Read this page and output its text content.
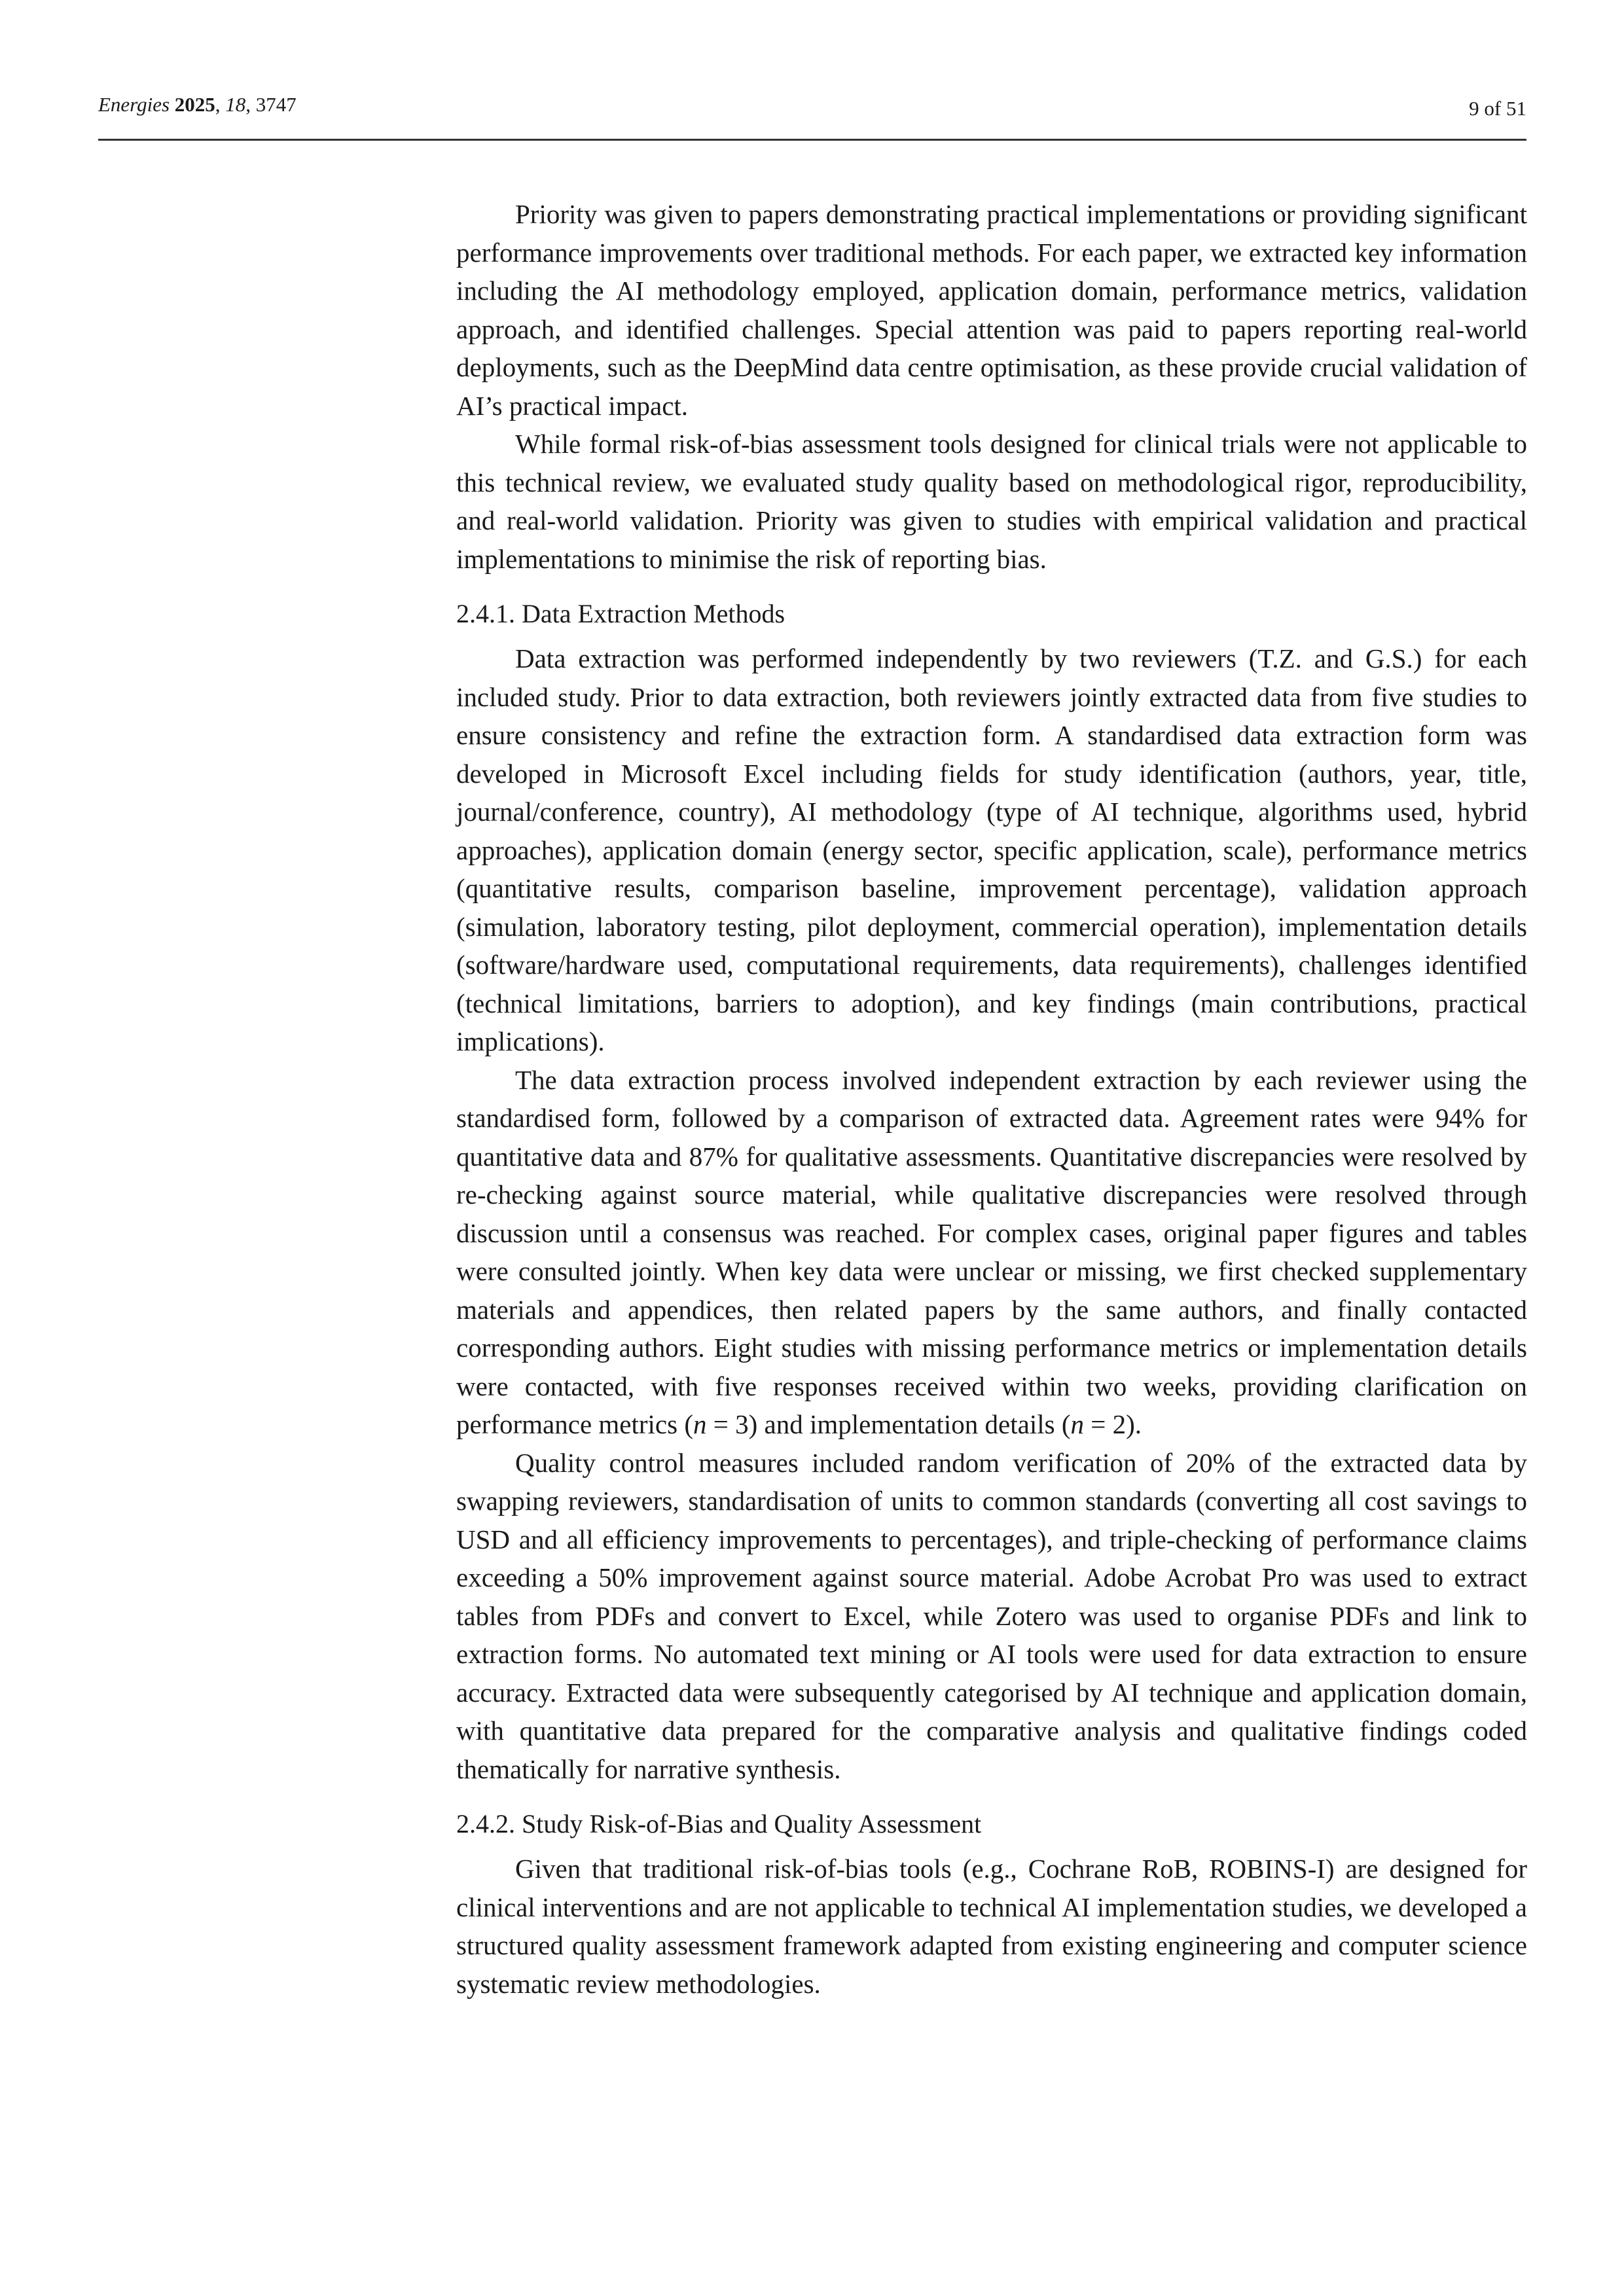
Energies 2025, 18, 3747	9 of 51

Priority was given to papers demonstrating practical implementations or providing significant performance improvements over traditional methods. For each paper, we extracted key information including the AI methodology employed, application domain, performance metrics, validation approach, and identified challenges. Special attention was paid to papers reporting real-world deployments, such as the DeepMind data centre optimisation, as these provide crucial validation of AI’s practical impact.

While formal risk-of-bias assessment tools designed for clinical trials were not applicable to this technical review, we evaluated study quality based on methodological rigor, reproducibility, and real-world validation. Priority was given to studies with empirical validation and practical implementations to minimise the risk of reporting bias.

2.4.1. Data Extraction Methods

Data extraction was performed independently by two reviewers (T.Z. and G.S.) for each included study. Prior to data extraction, both reviewers jointly extracted data from five studies to ensure consistency and refine the extraction form. A standardised data extraction form was developed in Microsoft Excel including fields for study identification (authors, year, title, journal/conference, country), AI methodology (type of AI technique, algorithms used, hybrid approaches), application domain (energy sector, specific application, scale), performance metrics (quantitative results, comparison baseline, improvement percentage), validation approach (simulation, laboratory testing, pilot deployment, commercial operation), implementation details (software/hardware used, computational requirements, data requirements), challenges identified (technical limitations, barriers to adoption), and key findings (main contributions, practical implications).

The data extraction process involved independent extraction by each reviewer using the standardised form, followed by a comparison of extracted data. Agreement rates were 94% for quantitative data and 87% for qualitative assessments. Quantitative discrepancies were resolved by re-checking against source material, while qualitative discrepancies were resolved through discussion until a consensus was reached. For complex cases, original paper figures and tables were consulted jointly. When key data were unclear or missing, we first checked supplementary materials and appendices, then related papers by the same authors, and finally contacted corresponding authors. Eight studies with missing performance metrics or implementation details were contacted, with five responses received within two weeks, providing clarification on performance metrics (n = 3) and implementation details (n = 2).

Quality control measures included random verification of 20% of the extracted data by swapping reviewers, standardisation of units to common standards (converting all cost savings to USD and all efficiency improvements to percentages), and triple-checking of performance claims exceeding a 50% improvement against source material. Adobe Acrobat Pro was used to extract tables from PDFs and convert to Excel, while Zotero was used to organise PDFs and link to extraction forms. No automated text mining or AI tools were used for data extraction to ensure accuracy. Extracted data were subsequently categorised by AI technique and application domain, with quantitative data prepared for the comparative analysis and qualitative findings coded thematically for narrative synthesis.

2.4.2. Study Risk-of-Bias and Quality Assessment

Given that traditional risk-of-bias tools (e.g., Cochrane RoB, ROBINS-I) are designed for clinical interventions and are not applicable to technical AI implementation studies, we developed a structured quality assessment framework adapted from existing engineering and computer science systematic review methodologies.
